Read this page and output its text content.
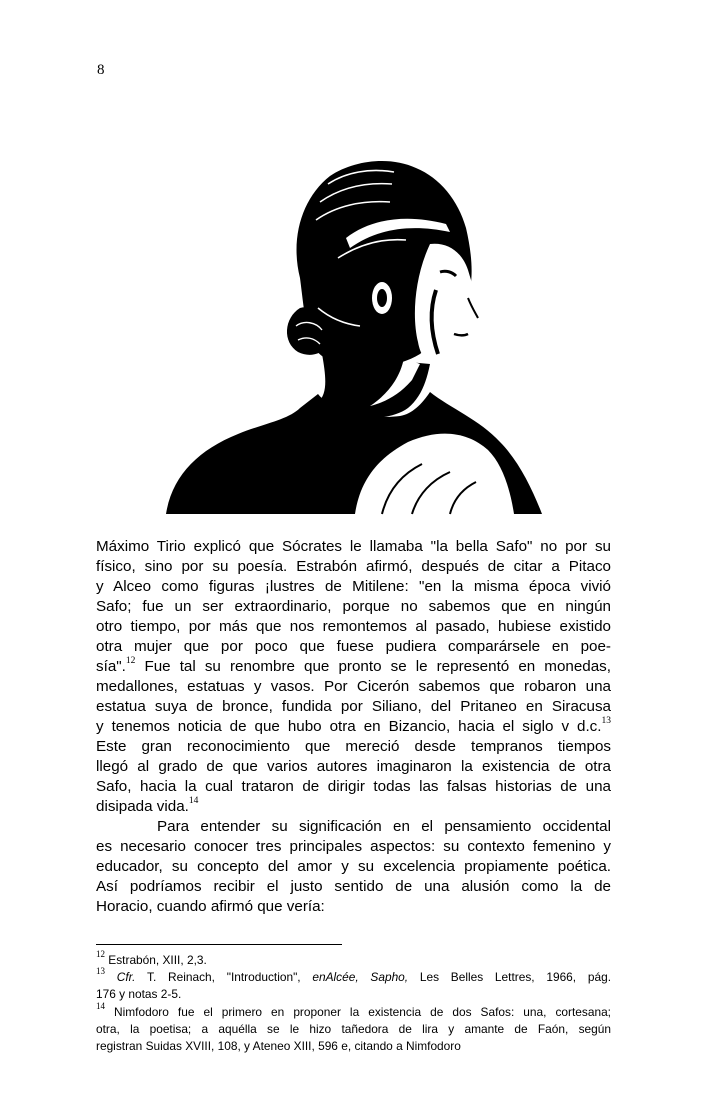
8
Máximo Tirio explicó que Sócrates le llamaba "la bella Safo" no por su
físico, sino por su poesía. Estrabón afirmó, después de citar a Pitaco
y Alceo como figuras ¡lustres de Mitilene: "en la misma época vivió
Safo; fue un ser extraordinario, porque no sabemos que en ningún
otro tiempo, por más que nos remontemos al pasado, hubiese existido
otra mujer que por poco que fuese pudiera comparársele en poe-
sía".$^{12}$ Fue tal su renombre que pronto se le representó en monedas,
medallones, estatuas y vasos. Por Cicerón sabemos que robaron una
estatua suya de bronce, fundida por Siliano, del Pritaneo en Siracusa
y tenemos noticia de que hubo otra en Bizancio, hacia el siglo v d.c.$^{13}$
Este gran reconocimiento que mereció desde tempranos tiempos
llegó al grado de que varios autores imaginaron la existencia de otra
Safo, hacia la cual trataron de dirigir todas las falsas historias de una
disipada vida.$^{14}$
Para entender su significación en el pensamiento occidental
es necesario conocer tres principales aspectos: su contexto femenino y
educador, su concepto del amor y su excelencia propiamente poética.
Así podríamos recibir el justo sentido de una alusión como la de
Horacio, cuando afirmó que vería:
$^{12}$ Estrabón, XIII, 2,3.
$^{13}$ Cfr. T. Reinach, "Introduction", enAlcée, Sapho, Les Belles Lettres, 1966, pág.
176 y notas 2-5.
$^{14}$ Nimfodoro fue el primero en proponer la existencia de dos Safos: una, cortesana;
otra, la poetisa; a aquélla se le hizo tañedora de lira y amante de Faón, según
registran Suidas XVIII, 108, y Ateneo XIII, 596 e, citando a Nimfodoro
